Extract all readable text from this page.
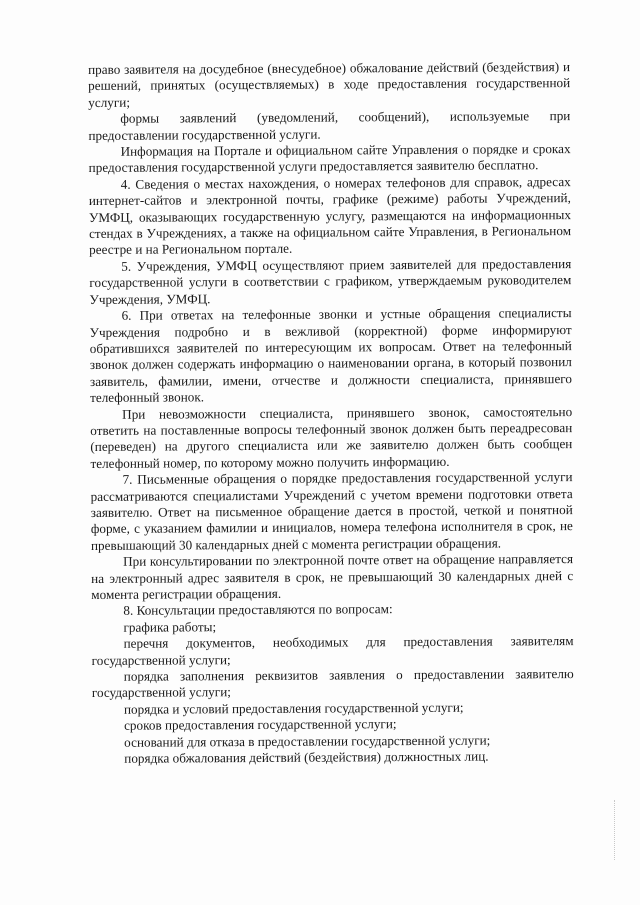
право заявителя на досудебное (внесудебное) обжалование действий (бездействия) и решений, принятых (осуществляемых) в ходе предоставления государственной услуги;

формы заявлений (уведомлений, сообщений), используемые при предоставлении государственной услуги.

Информация на Портале и официальном сайте Управления о порядке и сроках предоставления государственной услуги предоставляется заявителю бесплатно.

4. Сведения о местах нахождения, о номерах телефонов для справок, адресах интернет-сайтов и электронной почты, графике (режиме) работы Учреждений, УМФЦ, оказывающих государственную услугу, размещаются на информационных стендах в Учреждениях, а также на официальном сайте Управления, в Региональном реестре и на Региональном портале.

5. Учреждения, УМФЦ осуществляют прием заявителей для предоставления государственной услуги в соответствии с графиком, утверждаемым руководителем Учреждения, УМФЦ.

6. При ответах на телефонные звонки и устные обращения специалисты Учреждения подробно и в вежливой (корректной) форме информируют обратившихся заявителей по интересующим их вопросам. Ответ на телефонный звонок должен содержать информацию о наименовании органа, в который позвонил заявитель, фамилии, имени, отчестве и должности специалиста, принявшего телефонный звонок.

При невозможности специалиста, принявшего звонок, самостоятельно ответить на поставленные вопросы телефонный звонок должен быть переадресован (переведен) на другого специалиста или же заявителю должен быть сообщен телефонный номер, по которому можно получить информацию.

7. Письменные обращения о порядке предоставления государственной услуги рассматриваются специалистами Учреждений с учетом времени подготовки ответа заявителю. Ответ на письменное обращение дается в простой, четкой и понятной форме, с указанием фамилии и инициалов, номера телефона исполнителя в срок, не превышающий 30 календарных дней с момента регистрации обращения.

При консультировании по электронной почте ответ на обращение направляется на электронный адрес заявителя в срок, не превышающий 30 календарных дней с момента регистрации обращения.

8. Консультации предоставляются по вопросам:

графика работы;

перечня документов, необходимых для предоставления заявителям государственной услуги;

порядка заполнения реквизитов заявления о предоставлении заявителю государственной услуги;

порядка и условий предоставления государственной услуги;

сроков предоставления государственной услуги;

оснований для отказа в предоставлении государственной услуги;

порядка обжалования действий (бездействия) должностных лиц.
